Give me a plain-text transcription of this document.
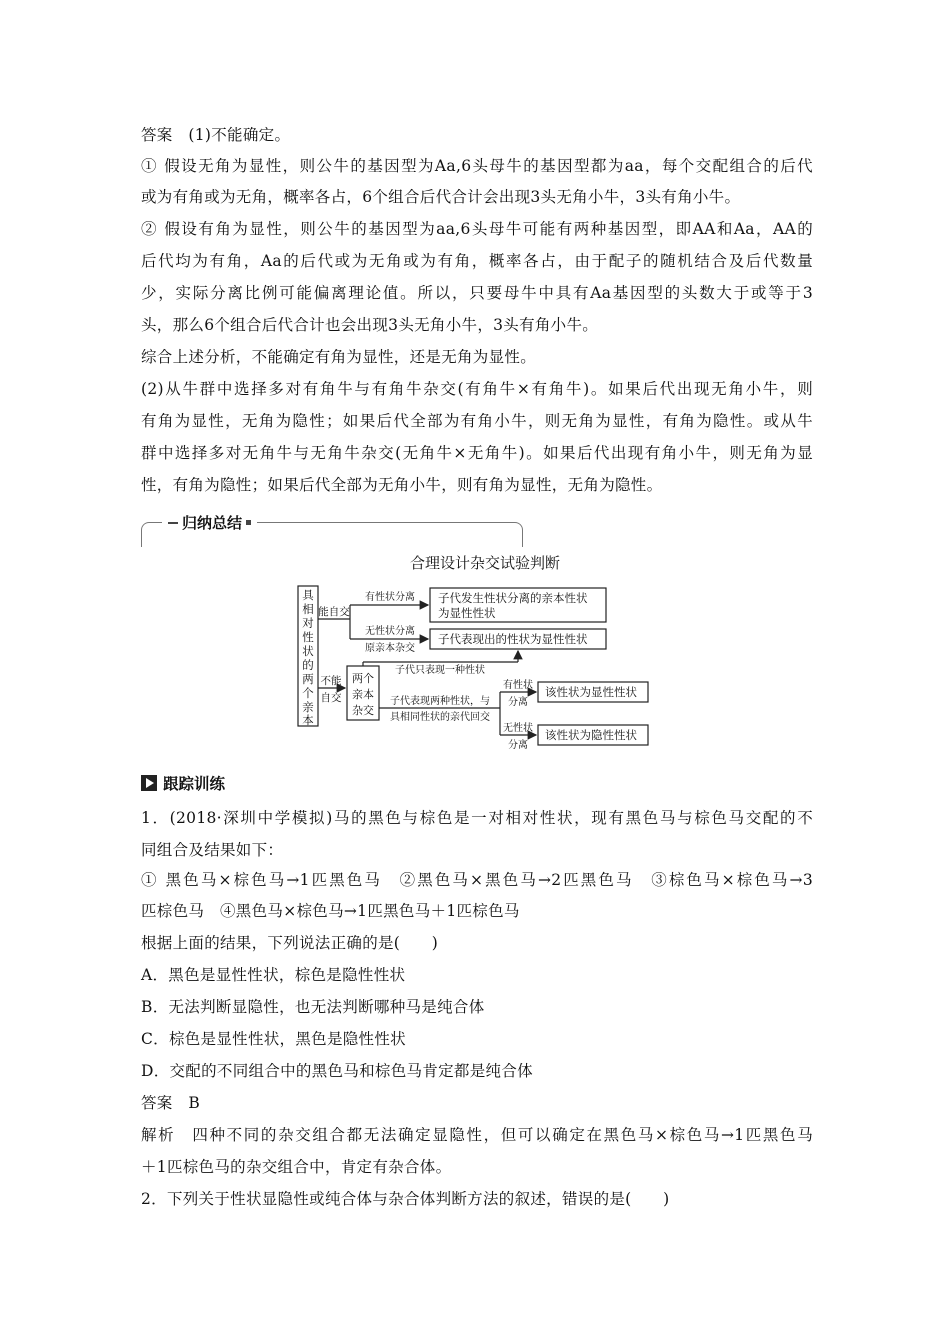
答案　(1)不能确定。
① 假设无角为显性，则公牛的基因型为Aa,6头母牛的基因型都为aa，每个交配组合的后代
或为有角或为无角，概率各占，6个组合后代合计会出现3头无角小牛，3头有角小牛。
② 假设有角为显性，则公牛的基因型为aa,6头母牛可能有两种基因型，即AA和Aa，AA的
后代均为有角，Aa的后代或为无角或为有角，概率各占，由于配子的随机结合及后代数量
少，实际分离比例可能偏离理论值。所以，只要母牛中具有Aa基因型的头数大于或等于3
头，那么6个组合后代合计也会出现3头无角小牛，3头有角小牛。
综合上述分析，不能确定有角为显性，还是无角为显性。
(2)从牛群中选择多对有角牛与有角牛杂交(有角牛×有角牛)。如果后代出现无角小牛，则
有角为显性，无角为隐性；如果后代全部为有角小牛，则无角为显性，有角为隐性。或从牛
群中选择多对无角牛与无角牛杂交(无角牛×无角牛)。如果后代出现有角小牛，则无角为显
性，有角为隐性；如果后代全部为无角小牛，则有角为显性，无角为隐性。
归纳总结
合理设计杂交试验判断
具
相
对
性
状
的
两
个
亲
本
能自交
有性状分离
无性状分离
原亲本杂交
子代发生性状分离的亲本性状
为显性性状
子代表现出的性状为显性性状
不能
自交
两个
亲本
杂交
子代只表现一种性状
子代表现两种性状，与
具相同性状的亲代回交
有性状
分离
无性状
分离
该性状为显性性状
该性状为隐性性状
跟踪训练
1．(2018·深圳中学模拟)马的黑色与棕色是一对相对性状，现有黑色马与棕色马交配的不
同组合及结果如下：
① 黑色马×棕色马→1匹黑色马　②黑色马×黑色马→2匹黑色马　③棕色马×棕色马→3
匹棕色马　④黑色马×棕色马→1匹黑色马＋1匹棕色马
根据上面的结果，下列说法正确的是(　　)
A．黑色是显性性状，棕色是隐性性状
B．无法判断显隐性，也无法判断哪种马是纯合体
C．棕色是显性性状，黑色是隐性性状
D．交配的不同组合中的黑色马和棕色马肯定都是纯合体
答案　B
解析　四种不同的杂交组合都无法确定显隐性，但可以确定在黑色马×棕色马→1匹黑色马
＋1匹棕色马的杂交组合中，肯定有杂合体。
2．下列关于性状显隐性或纯合体与杂合体判断方法的叙述，错误的是(　　)
